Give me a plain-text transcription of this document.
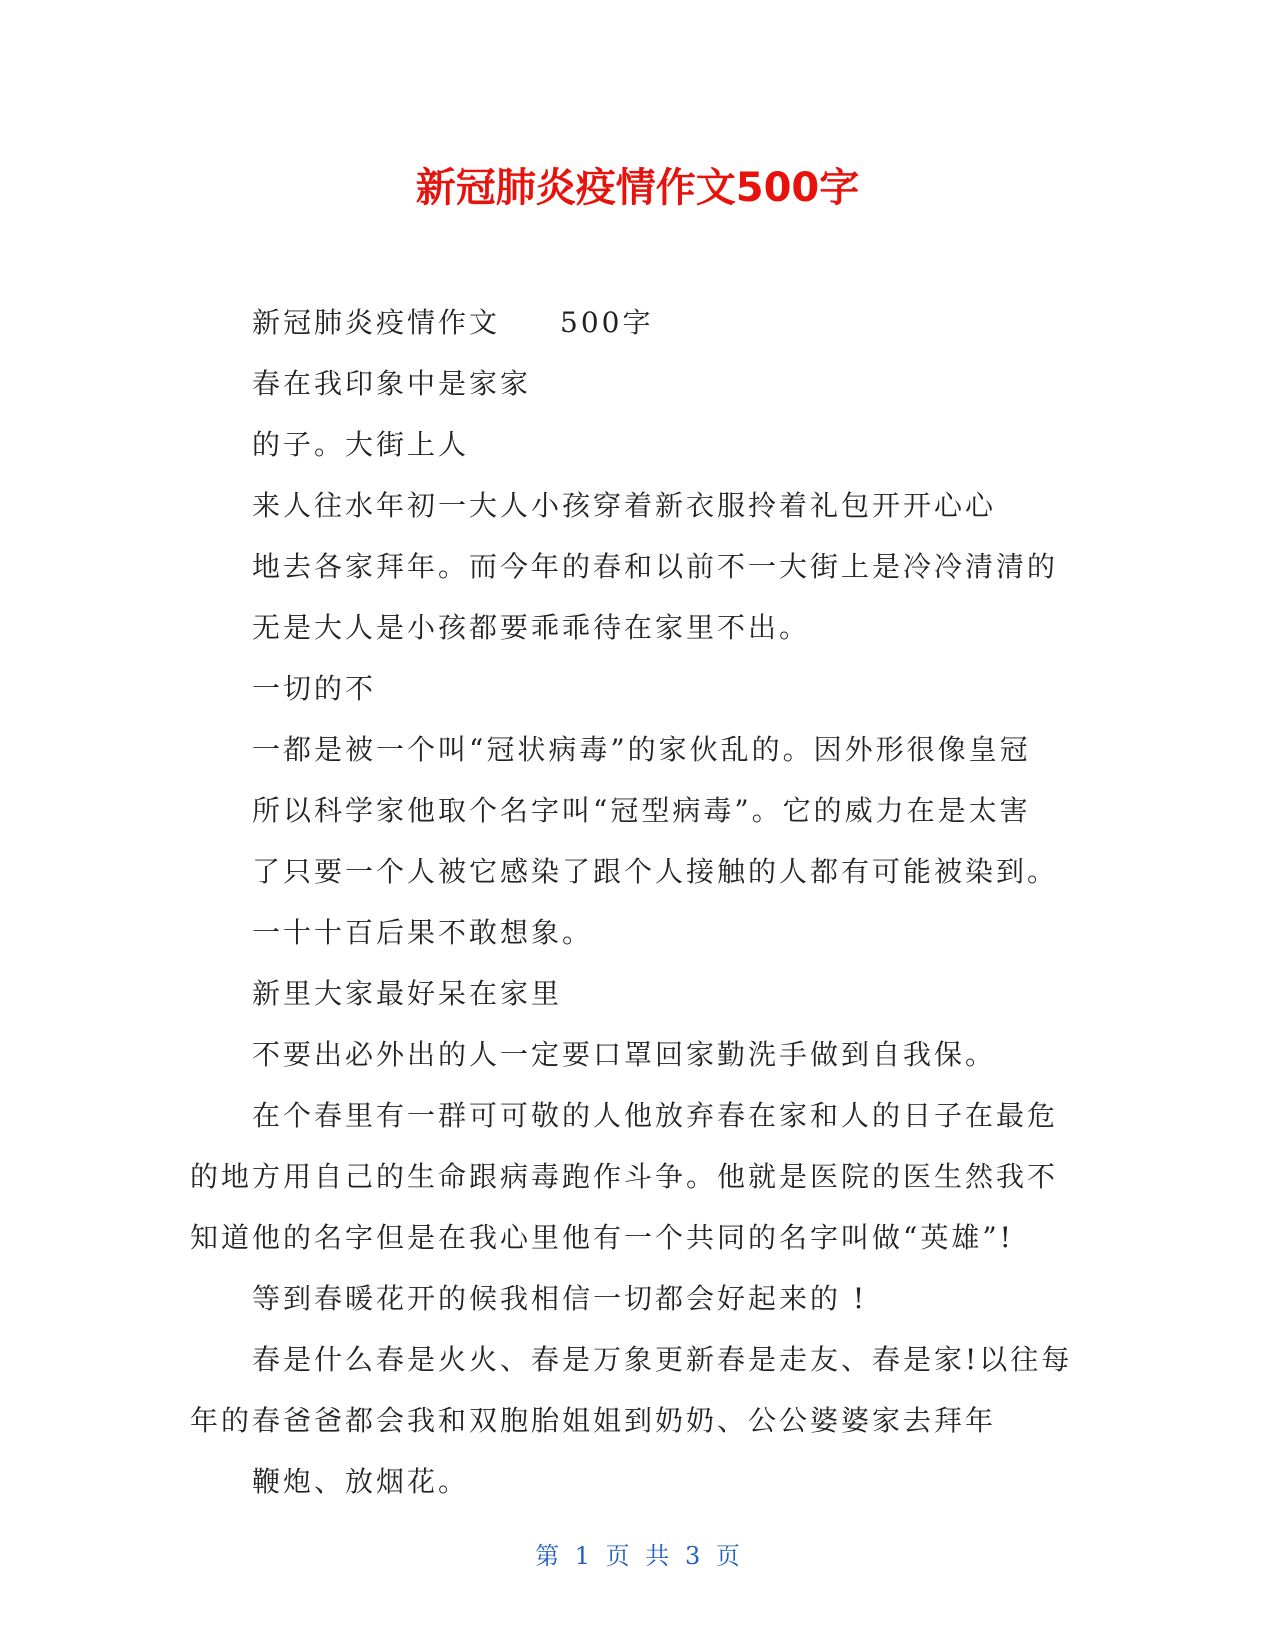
新冠肺炎疫情作文500字
新冠肺炎疫情作文 500字
春在我印象中是家家
的子。大街上人
来人往水年初一大人小孩穿着新衣服拎着礼包开开心心
地去各家拜年。而今年的春和以前不一大街上是冷冷清清的
无是大人是小孩都要乖乖待在家里不出。
一切的不
一都是被一个叫“冠状病毒”的家伙乱的。因外形很像皇冠
所以科学家他取个名字叫“冠型病毒”。它的威力在是太害
了只要一个人被它感染了跟个人接触的人都有可能被染到。
一十十百后果不敢想象。
新里大家最好呆在家里
不要出必外出的人一定要口罩回家勤洗手做到自我保。
在个春里有一群可可敬的人他放弃春在家和人的日子在最危
的地方用自己的生命跟病毒跑作斗争。他就是医院的医生然我不
知道他的名字但是在我心里他有一个共同的名字叫做“英雄”!
等到春暖花开的候我相信一切都会好起来的 !
春是什么春是火火、春是万象更新春是走友、春是家!以往每
年的春爸爸都会我和双胞胎姐姐到奶奶、公公婆婆家去拜年
鞭炮、放烟花。
第 1 页 共 3 页
